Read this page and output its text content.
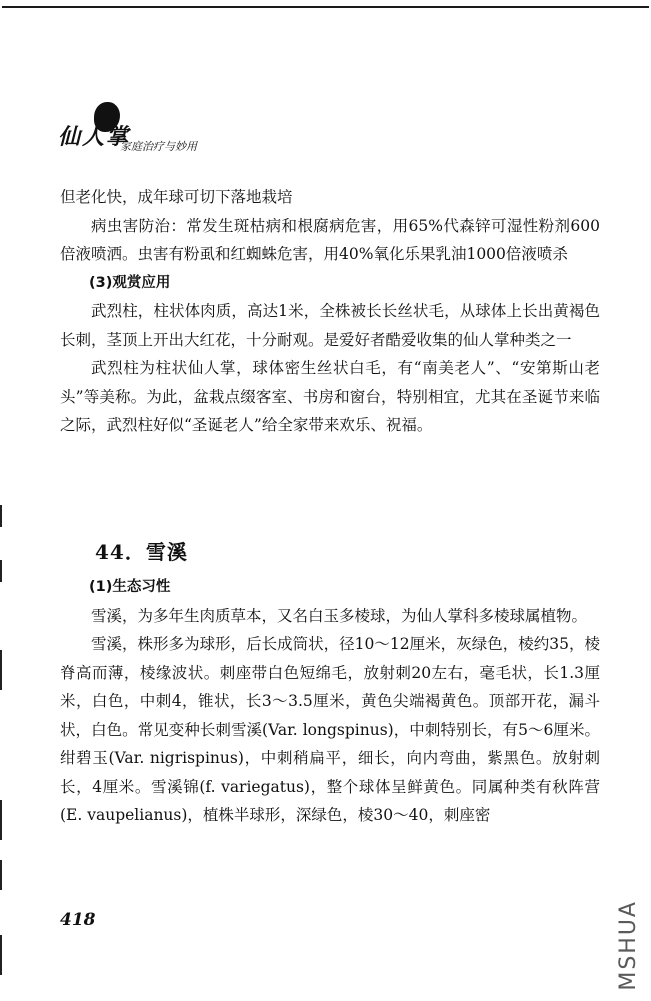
仙人掌
家庭治疗与妙用

但老化快，成年球可切下落地栽培

病虫害防治：常发生斑枯病和根腐病危害，用65%代森锌可湿性粉剂600倍液喷洒。虫害有粉虱和红蜘蛛危害，用40%氧化乐果乳油1000倍液喷杀

(3)观赏应用

武烈柱，柱状体肉质，高达1米，全株被长长丝状毛，从球体上长出黄褐色长刺，茎顶上开出大红花，十分耐观。是爱好者酷爱收集的仙人掌种类之一

武烈柱为柱状仙人掌，球体密生丝状白毛，有“南美老人”、“安第斯山老头”等美称。为此，盆栽点缀客室、书房和窗台，特别相宜，尤其在圣诞节来临之际，武烈柱好似“圣诞老人”给全家带来欢乐、祝福。

44．雪溪

(1)生态习性

雪溪，为多年生肉质草本，又名白玉多棱球，为仙人掌科多棱球属植物。

雪溪，株形多为球形，后长成筒状，径10～12厘米，灰绿色，棱约35，棱脊高而薄，棱缘波状。刺座带白色短绵毛，放射刺20左右，毫毛状，长1.3厘米，白色，中刺4，锥状，长3～3.5厘米，黄色尖端褐黄色。顶部开花，漏斗状，白色。常见变种长刺雪溪(Var. longspinus)，中刺特别长，有5～6厘米。绀碧玉(Var. nigrispinus)，中刺稍扁平，细长，向内弯曲，紫黑色。放射刺长，4厘米。雪溪锦(f. variegatus)，整个球体呈鲜黄色。同属种类有秋阵营(E. vaupelianus)，植株半球形，深绿色，棱30～40，刺座密

418	MSHUA
